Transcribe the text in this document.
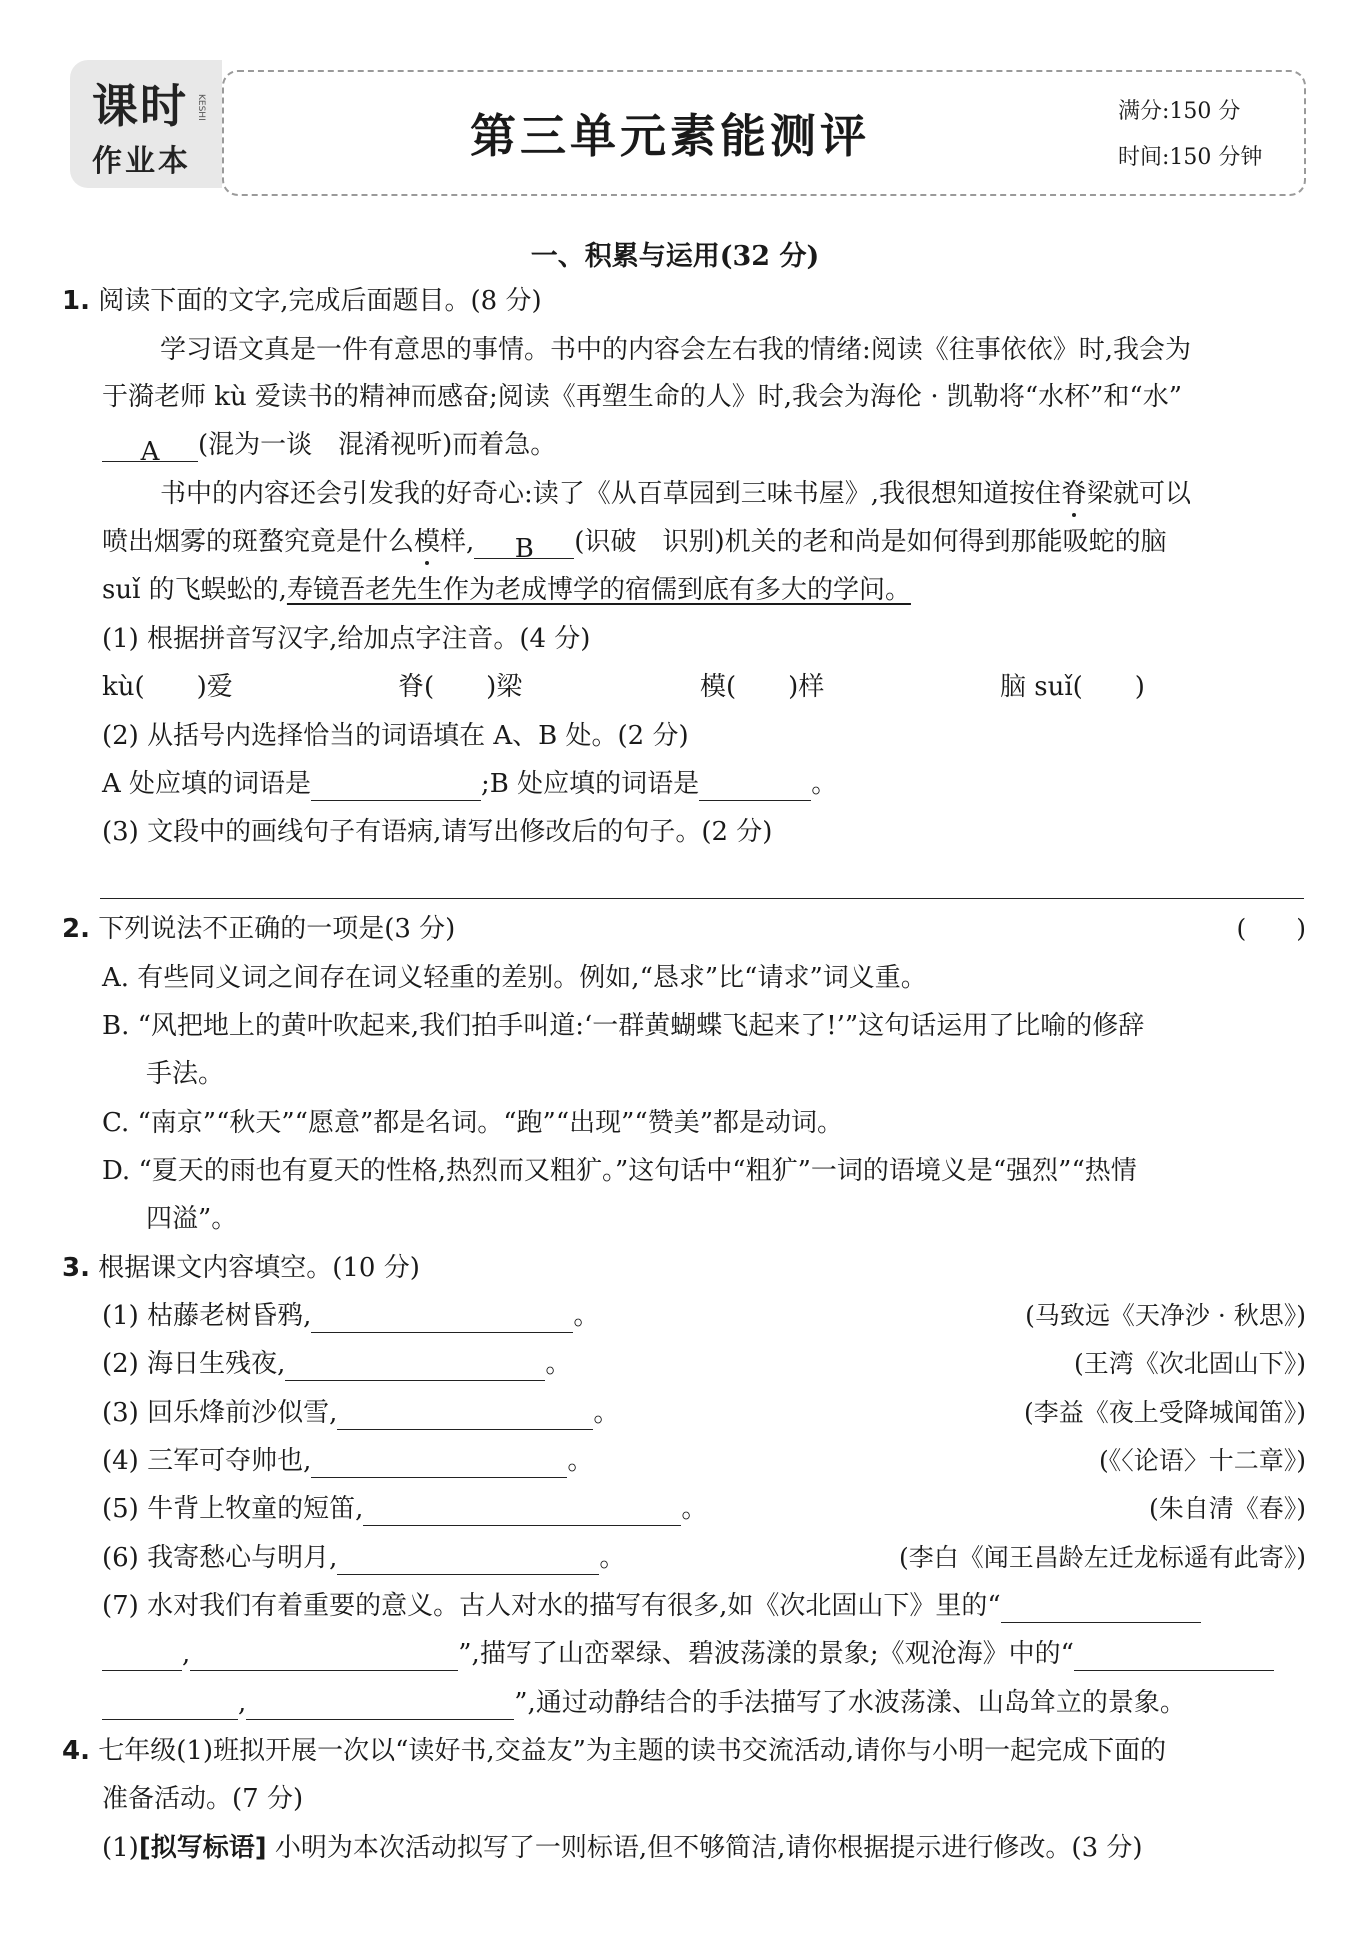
课时 KESHI
作业本	第三单元素能测评	满分:150 分
时间:150 分钟
一、积累与运用(32 分)
1. 阅读下面的文字,完成后面题目。(8 分)
学习语文真是一件有意思的事情。书中的内容会左右我的情绪:阅读《往事依依》时,我会为
于漪老师 kù 爱读书的精神而感奋;阅读《再塑生命的人》时,我会为海伦 · 凯勒将“水杯”和“水”
A (混为一谈　混淆视听)而着急。
书中的内容还会引发我的好奇心:读了《从百草园到三味书屋》,我很想知道按住脊梁就可以
喷出烟雾的斑蝥究竟是什么模样, B (识破　识别)机关的老和尚是如何得到那能吸蛇的脑
suǐ 的飞蜈蚣的,寿镜吾老先生作为老成博学的宿儒到底有多大的学问。
(1) 根据拼音写汉字,给加点字注音。(4 分)
kù(　　)爱	脊(　　)梁	模(　　)样	脑 suǐ(　　)
(2) 从括号内选择恰当的词语填在 A、B 处。(2 分)
A 处应填的词语是	;B 处应填的词语是	。
(3) 文段中的画线句子有语病,请写出修改后的句子。(2 分)
2. 下列说法不正确的一项是(3 分)	(　　)
A. 有些同义词之间存在词义轻重的差别。例如,“恳求”比“请求”词义重。
B. “风把地上的黄叶吹起来,我们拍手叫道:‘一群黄蝴蝶飞起来了!’”这句话运用了比喻的修辞
手法。
C. “南京”“秋天”“愿意”都是名词。“跑”“出现”“赞美”都是动词。
D. “夏天的雨也有夏天的性格,热烈而又粗犷。”这句话中“粗犷”一词的语境义是“强烈”“热情
四溢”。
3. 根据课文内容填空。(10 分)
(1) 枯藤老树昏鸦,	。	(马致远《天净沙 · 秋思》)
(2) 海日生残夜,	。	(王湾《次北固山下》)
(3) 回乐烽前沙似雪,	。	(李益《夜上受降城闻笛》)
(4) 三军可夺帅也,	。	(《〈论语〉十二章》)
(5) 牛背上牧童的短笛,	。	(朱自清《春》)
(6) 我寄愁心与明月,	。	(李白《闻王昌龄左迁龙标遥有此寄》)
(7) 水对我们有着重要的意义。古人对水的描写有很多,如《次北固山下》里的“
,	”,描写了山峦翠绿、碧波荡漾的景象;《观沧海》中的“
,	”,通过动静结合的手法描写了水波荡漾、山岛耸立的景象。
4. 七年级(1)班拟开展一次以“读好书,交益友”为主题的读书交流活动,请你与小明一起完成下面的
准备活动。(7 分)
(1)[拟写标语] 小明为本次活动拟写了一则标语,但不够简洁,请你根据提示进行修改。(3 分)
